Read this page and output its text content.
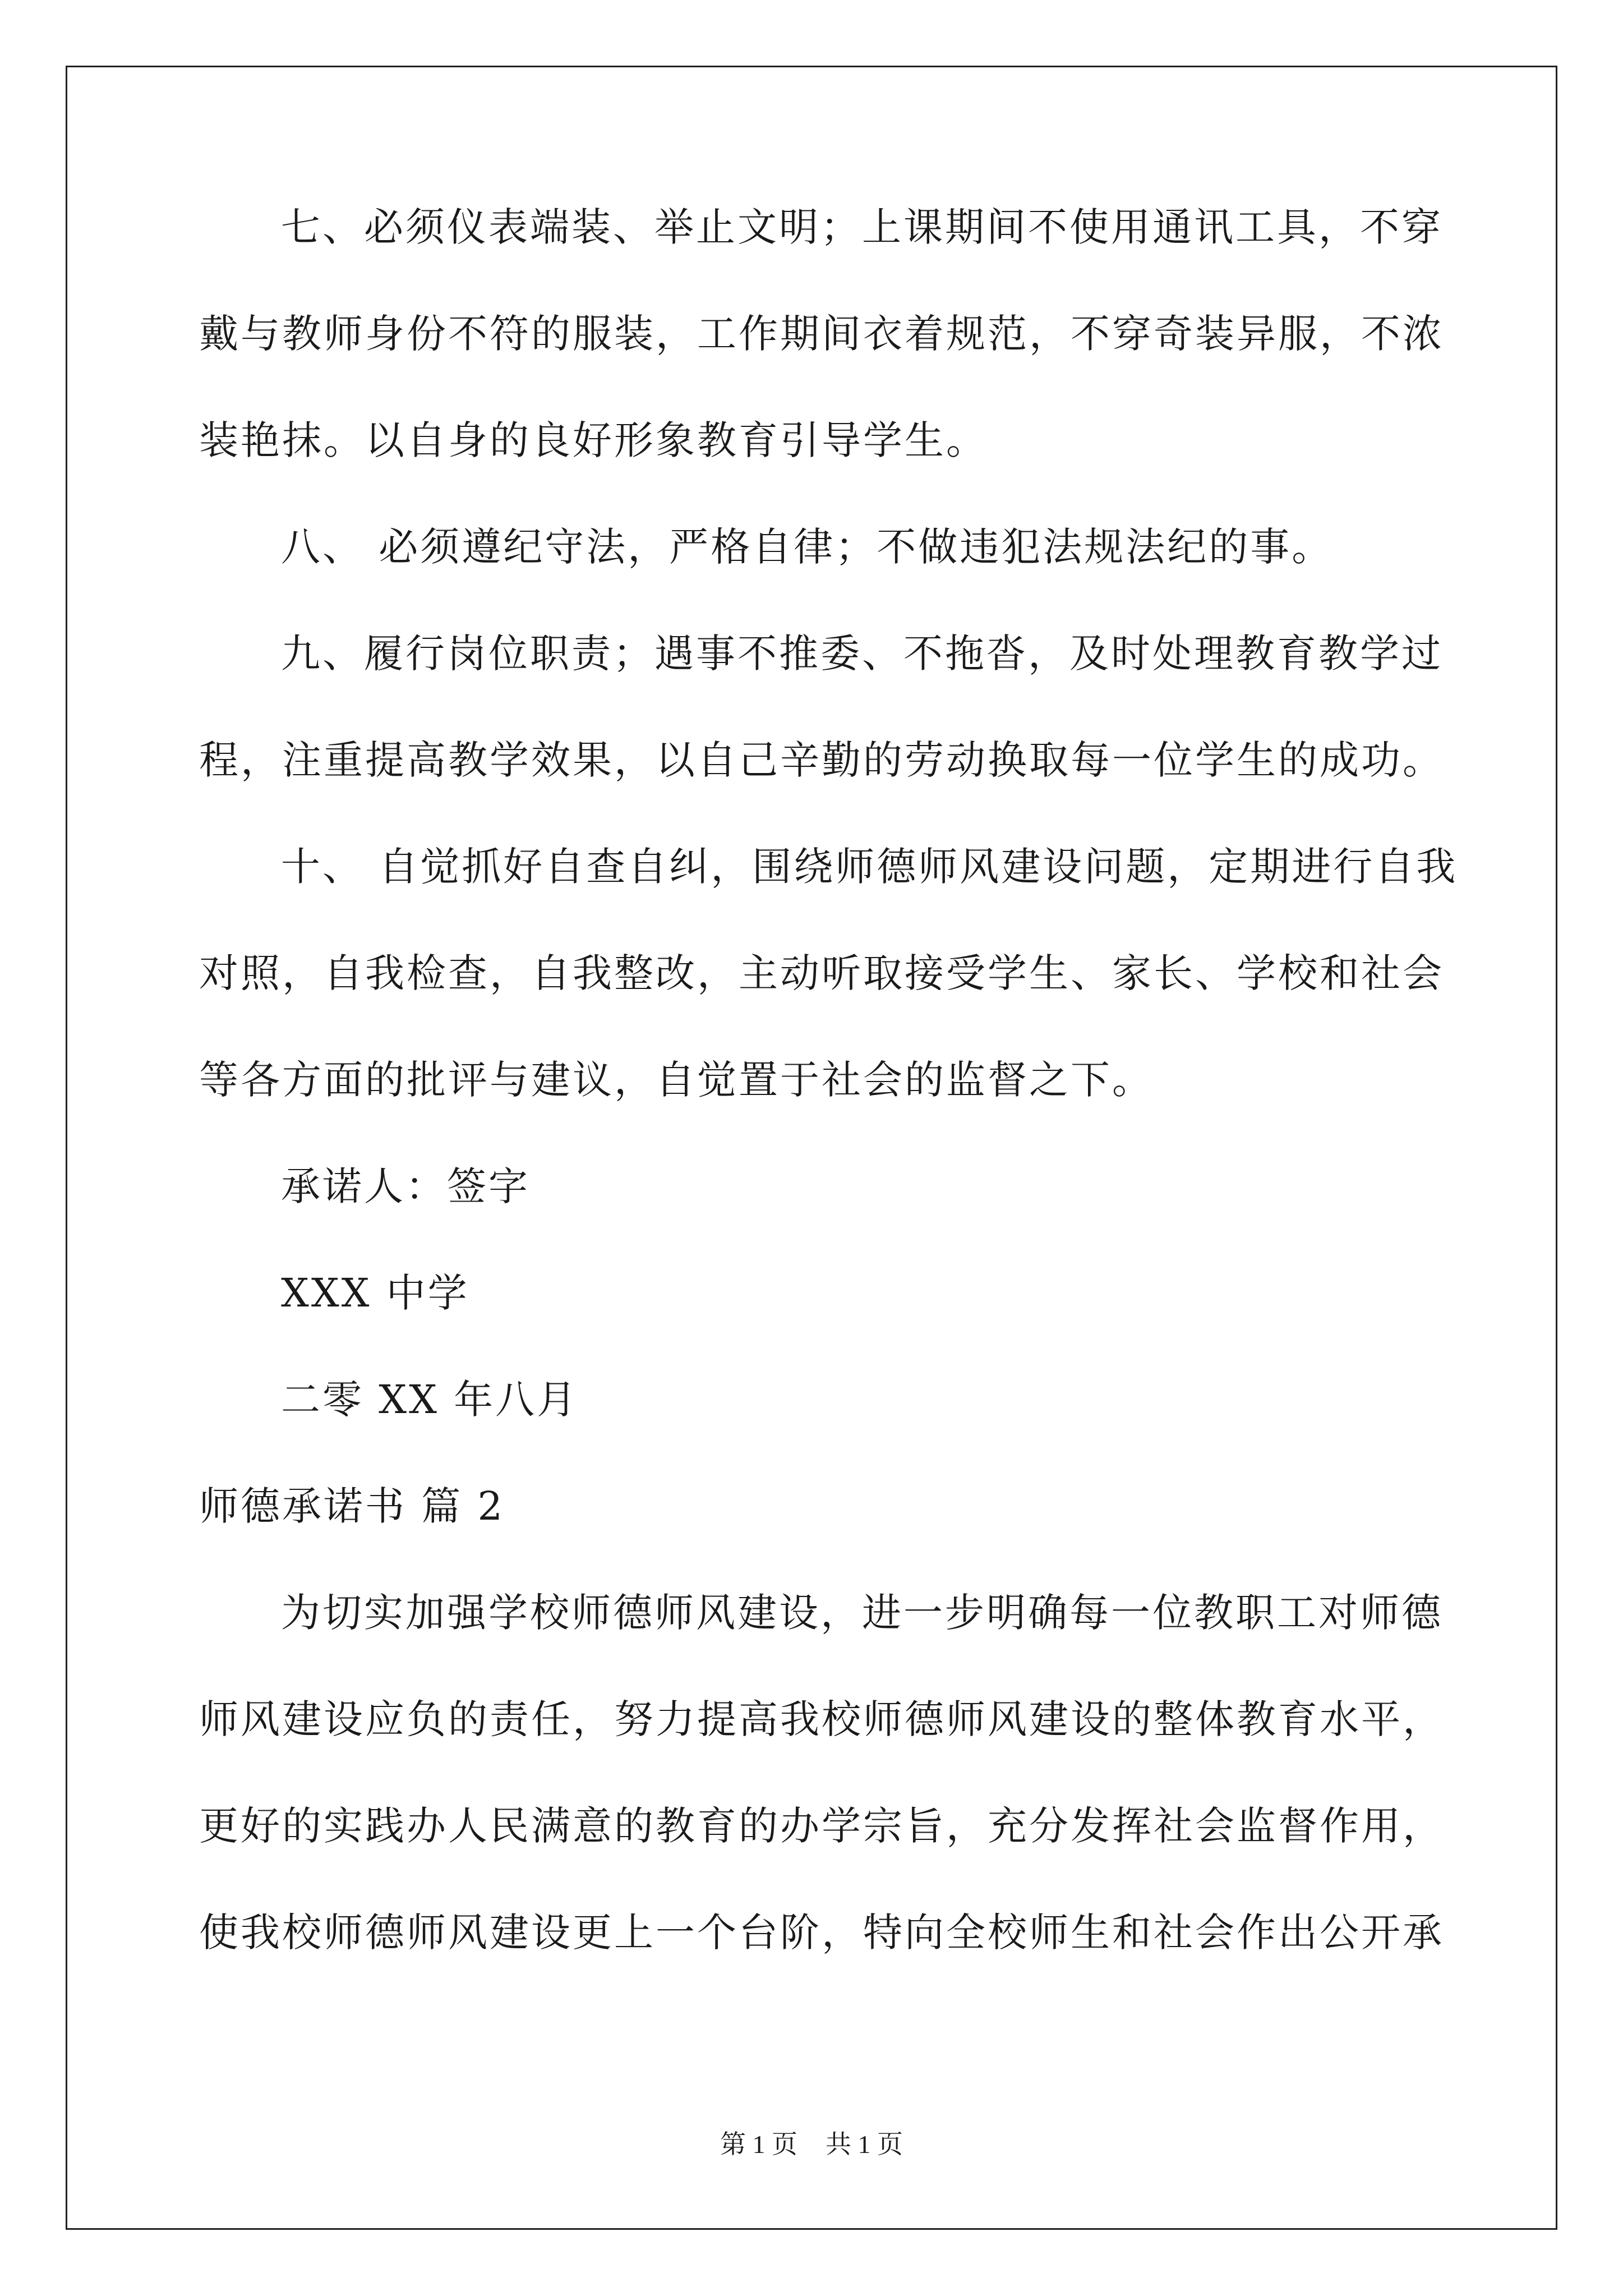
七、必须仪表端装、举止文明；上课期间不使用通讯工具，不穿
戴与教师身份不符的服装，工作期间衣着规范，不穿奇装异服，不浓
装艳抹。以自身的良好形象教育引导学生。
八、 必须遵纪守法，严格自律；不做违犯法规法纪的事。
九、履行岗位职责；遇事不推委、不拖沓，及时处理教育教学过
程，注重提高教学效果，以自己辛勤的劳动换取每一位学生的成功。
十、 自觉抓好自查自纠，围绕师德师风建设问题，定期进行自我
对照，自我检查，自我整改，主动听取接受学生、家长、学校和社会
等各方面的批评与建议，自觉置于社会的监督之下。
承诺人：签字
XXX 中学
二零 XX 年八月
师德承诺书 篇 2
为切实加强学校师德师风建设，进一步明确每一位教职工对师德
师风建设应负的责任，努力提高我校师德师风建设的整体教育水平，
更好的实践办人民满意的教育的办学宗旨，充分发挥社会监督作用，
使我校师德师风建设更上一个台阶，特向全校师生和社会作出公开承
第 1 页 共 1 页
